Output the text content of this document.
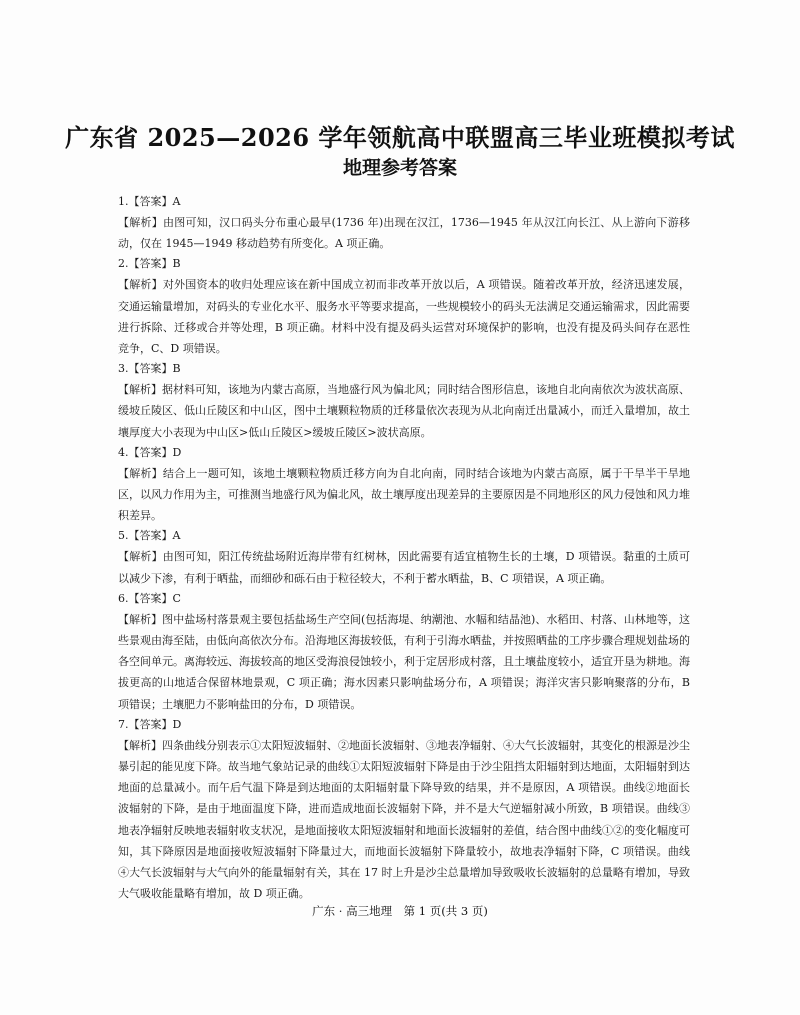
广东省 2025—2026 学年领航高中联盟高三毕业班模拟考试
地理参考答案
1.【答案】A
【解析】由图可知，汉口码头分布重心最早(1736 年)出现在汉江，1736—1945 年从汉江向长江、从上游向下游移动，仅在 1945—1949 移动趋势有所变化。A 项正确。
2.【答案】B
【解析】对外国资本的收归处理应该在新中国成立初而非改革开放以后，A 项错误。随着改革开放，经济迅速发展，交通运输量增加，对码头的专业化水平、服务水平等要求提高，一些规模较小的码头无法满足交通运输需求，因此需要进行拆除、迁移或合并等处理，B 项正确。材料中没有提及码头运营对环境保护的影响，也没有提及码头间存在恶性竞争，C、D 项错误。
3.【答案】B
【解析】据材料可知，该地为内蒙古高原，当地盛行风为偏北风；同时结合图形信息，该地自北向南依次为波状高原、缓坡丘陵区、低山丘陵区和中山区，图中土壤颗粒物质的迁移量依次表现为从北向南迁出量减小，而迁入量增加，故土壤厚度大小表现为中山区>低山丘陵区>缓坡丘陵区>波状高原。
4.【答案】D
【解析】结合上一题可知，该地土壤颗粒物质迁移方向为自北向南，同时结合该地为内蒙古高原，属于干旱半干旱地区，以风力作用为主，可推测当地盛行风为偏北风，故土壤厚度出现差异的主要原因是不同地形区的风力侵蚀和风力堆积差异。
5.【答案】A
【解析】由图可知，阳江传统盐场附近海岸带有红树林，因此需要有适宜植物生长的土壤，D 项错误。黏重的土质可以减少下渗，有利于晒盐，而细砂和砾石由于粒径较大，不利于蓄水晒盐，B、C 项错误，A 项正确。
6.【答案】C
【解析】图中盐场村落景观主要包括盐场生产空间(包括海堤、纳潮池、水幅和结晶池)、水稻田、村落、山林地等，这些景观由海至陆，由低向高依次分布。沿海地区海拔较低，有利于引海水晒盐，并按照晒盐的工序步骤合理规划盐场的各空间单元。离海较远、海拔较高的地区受海浪侵蚀较小，利于定居形成村落，且土壤盐度较小，适宜开垦为耕地。海拔更高的山地适合保留林地景观，C 项正确；海水因素只影响盐场分布，A 项错误；海洋灾害只影响聚落的分布，B 项错误；土壤肥力不影响盐田的分布，D 项错误。
7.【答案】D
【解析】四条曲线分别表示①太阳短波辐射、②地面长波辐射、③地表净辐射、④大气长波辐射，其变化的根源是沙尘暴引起的能见度下降。故当地气象站记录的曲线①太阳短波辐射下降是由于沙尘阻挡太阳辐射到达地面，太阳辐射到达地面的总量减小。而午后气温下降是到达地面的太阳辐射量下降导致的结果，并不是原因，A 项错误。曲线②地面长波辐射的下降，是由于地面温度下降，进而造成地面长波辐射下降，并不是大气逆辐射减小所致，B 项错误。曲线③地表净辐射反映地表辐射收支状况，是地面接收太阳短波辐射和地面长波辐射的差值，结合图中曲线①②的变化幅度可知，其下降原因是地面接收短波辐射下降量过大，而地面长波辐射下降量较小，故地表净辐射下降，C 项错误。曲线④大气长波辐射与大气向外的能量辐射有关，其在 17 时上升是沙尘总量增加导致吸收长波辐射的总量略有增加，导致大气吸收能量略有增加，故 D 项正确。
广东 · 高三地理　第 1 页(共 3 页)
